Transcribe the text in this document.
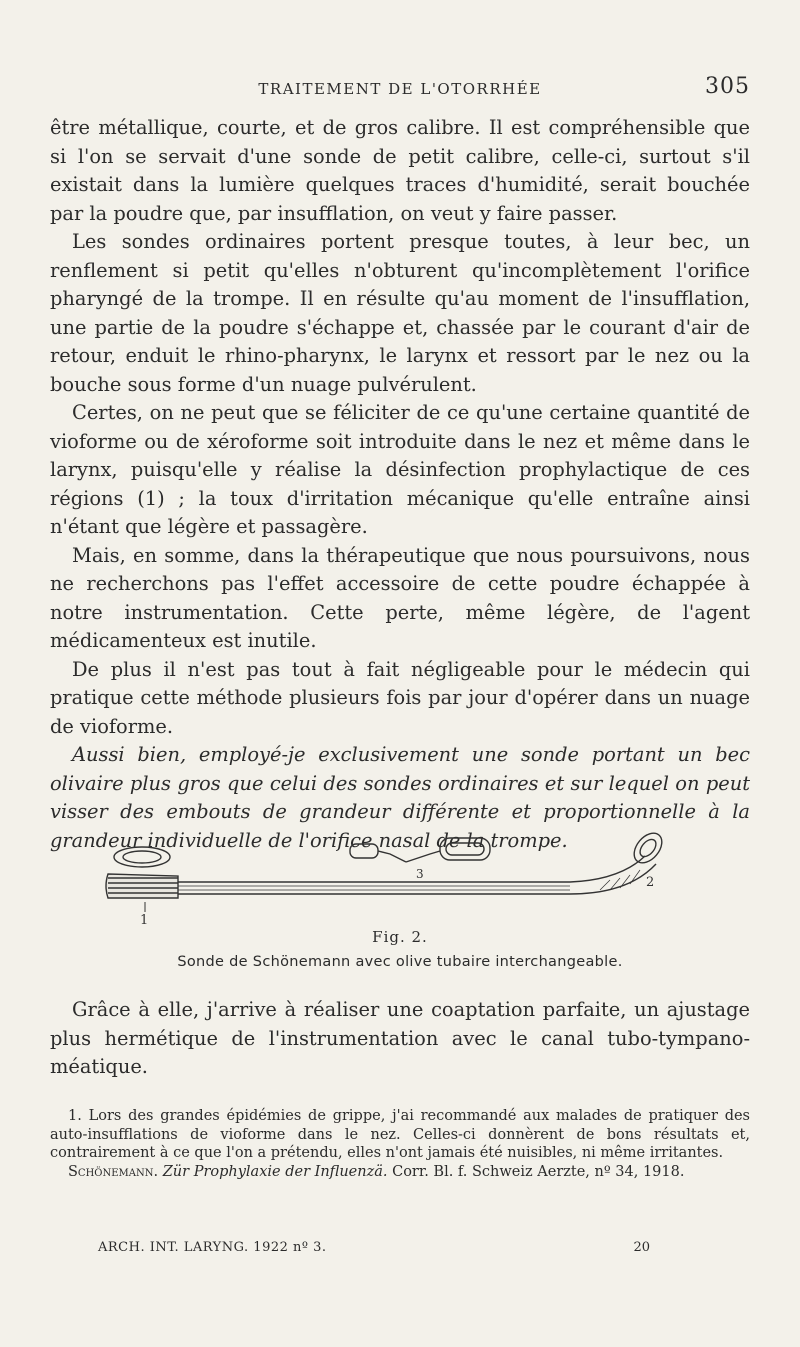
TRAITEMENT DE L'OTORRHÉE	305

être métallique, courte, et de gros calibre. Il est compréhensible que si l'on se servait d'une sonde de petit calibre, celle-ci, surtout s'il existait dans la lumière quelques traces d'humidité, serait bouchée par la poudre que, par insufflation, on veut y faire passer.

Les sondes ordinaires portent presque toutes, à leur bec, un renflement si petit qu'elles n'obturent qu'incomplètement l'orifice pharyngé de la trompe. Il en résulte qu'au moment de l'insufflation, une partie de la poudre s'échappe et, chassée par le courant d'air de retour, enduit le rhino-pharynx, le larynx et ressort par le nez ou la bouche sous forme d'un nuage pulvérulent.

Certes, on ne peut que se féliciter de ce qu'une certaine quantité de vioforme ou de xéroforme soit introduite dans le nez et même dans le larynx, puisqu'elle y réalise la désinfection prophylactique de ces régions (1) ; la toux d'irritation mécanique qu'elle entraîne ainsi n'étant que légère et passagère.

Mais, en somme, dans la thérapeutique que nous poursuivons, nous ne recherchons pas l'effet accessoire de cette poudre échappée à notre instrumentation. Cette perte, même légère, de l'agent médicamenteux est inutile.

De plus il n'est pas tout à fait négligeable pour le médecin qui pratique cette méthode plusieurs fois par jour d'opérer dans un nuage de vioforme.

Aussi bien, employé-je exclusivement une sonde portant un bec olivaire plus gros que celui des sondes ordinaires et sur lequel on peut visser des embouts de grandeur différente et proportionnelle à la grandeur individuelle de l'orifice nasal de la trompe.

1
2
3
Fig. 2.
Sonde de Schönemann avec olive tubaire interchangeable.

Grâce à elle, j'arrive à réaliser une coaptation parfaite, un ajustage plus hermétique de l'instrumentation avec le canal tubo-tympano-méatique.

1. Lors des grandes épidémies de grippe, j'ai recommandé aux malades de pratiquer des auto-insufflations de vioforme dans le nez. Celles-ci donnèrent de bons résultats et, contrairement à ce que l'on a prétendu, elles n'ont jamais été nuisibles, ni même irritantes.

Schönemann. Zür Prophylaxie der Influenzä. Corr. Bl. f. Schweiz Aerzte, nº 34, 1918.

ARCH. INT. LARYNG. 1922 nº 3.	20
